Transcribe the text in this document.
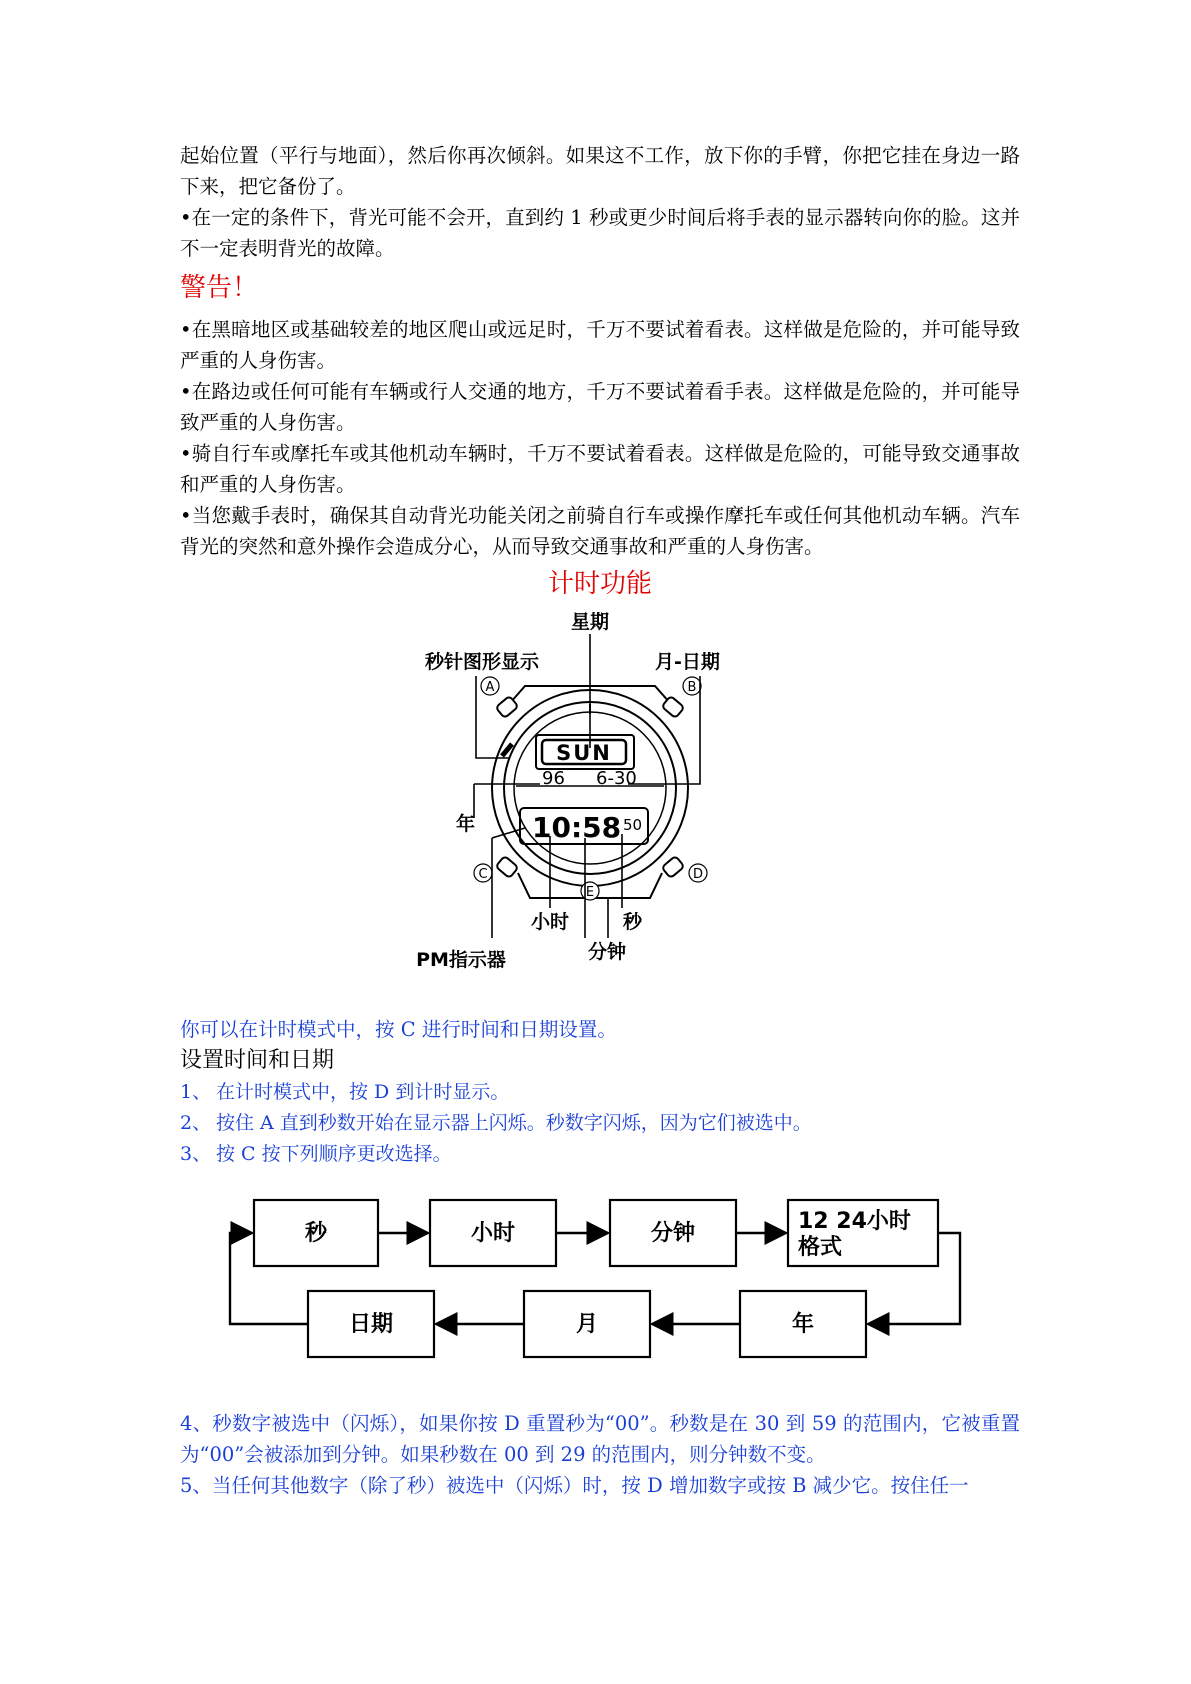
起始位置（平行与地面），然后你再次倾斜。如果这不工作，放下你的手臂，你把它挂在身边一路下来，把它备份了。

•在一定的条件下，背光可能不会开，直到约 1 秒或更少时间后将手表的显示器转向你的脸。这并不一定表明背光的故障。

警告！

•在黑暗地区或基础较差的地区爬山或远足时，千万不要试着看表。这样做是危险的，并可能导致严重的人身伤害。

•在路边或任何可能有车辆或行人交通的地方，千万不要试着看手表。这样做是危险的，并可能导致严重的人身伤害。

•骑自行车或摩托车或其他机动车辆时，千万不要试着看表。这样做是危险的，可能导致交通事故和严重的人身伤害。

•当您戴手表时，确保其自动背光功能关闭之前骑自行车或操作摩托车或任何其他机动车辆。汽车背光的突然和意外操作会造成分心，从而导致交通事故和严重的人身伤害。

计时功能
星期
秒针图形显示	月-日期
年
小时	秒
分钟
PM指示器
A	B
C	D
E
SUN
96 6-30
10:58 50

你可以在计时模式中，按 C 进行时间和日期设置。

设置时间和日期
1、 在计时模式中，按 D 到计时显示。
2、 按住 A 直到秒数开始在显示器上闪烁。秒数字闪烁，因为它们被选中。
3、 按 C 按下列顺序更改选择。
秒	小时	分钟	12 24小时
格式
日期	月	年

4、秒数字被选中（闪烁），如果你按 D 重置秒为“00”。秒数是在 30 到 59 的范围内，它被重置为“00”会被添加到分钟。如果秒数在 00 到 29 的范围内，则分钟数不变。

5、当任何其他数字（除了秒）被选中（闪烁）时，按 D 增加数字或按 B 减少它。按住任一
